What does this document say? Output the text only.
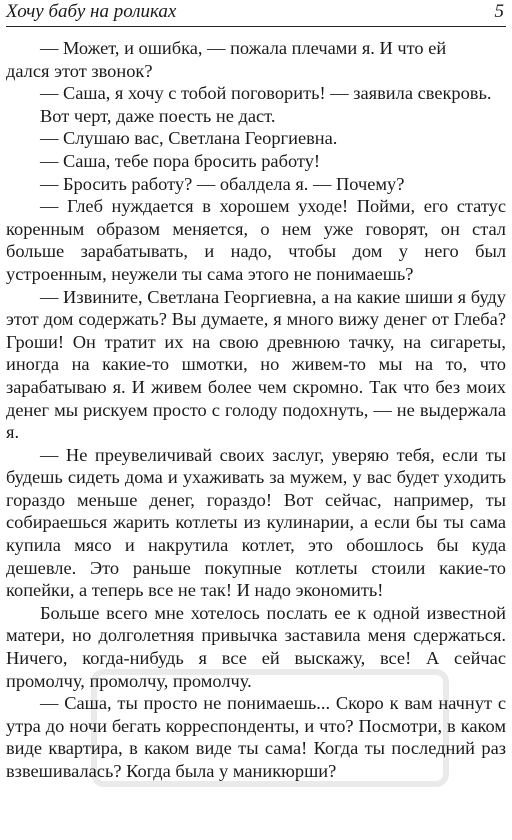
Хочу бабу на роликах	5

— Может, и ошибка, — пожала плечами я. И что ей

дался этот звонок?

— Саша, я хочу с тобой поговорить! — заявила свекровь.

Вот черт, даже поесть не даст.

— Слушаю вас, Светлана Георгиевна.

— Саша, тебе пора бросить работу!

— Бросить работу? — обалдела я. — Почему?

— Глеб нуждается в хорошем уходе! Пойми, его статус коренным образом меняется, о нем уже говорят, он стал больше зарабатывать, и надо, чтобы дом у него был устроенным, неужели ты сама этого не понимаешь?

— Извините, Светлана Георгиевна, а на какие шиши я буду этот дом содержать? Вы думаете, я много вижу денег от Глеба? Гроши! Он тратит их на свою древнюю тачку, на сигареты, иногда на какие-то шмотки, но живем-то мы на то, что зарабатываю я. И живем более чем скромно. Так что без моих денег мы рискуем просто с голоду подохнуть, — не выдержала я.

— Не преувеличивай своих заслуг, уверяю тебя, если ты будешь сидеть дома и ухаживать за мужем, у вас будет уходить гораздо меньше денег, гораздо! Вот сейчас, например, ты собираешься жарить котлеты из кулинарии, а если бы ты сама купила мясо и накрутила котлет, это обошлось бы куда дешевле. Это раньше покупные котлеты стоили какие-то копейки, а теперь все не так! И надо экономить!

Больше всего мне хотелось послать ее к одной известной матери, но долголетняя привычка заставила меня сдержаться. Ничего, когда-нибудь я все ей выскажу, все! А сейчас промолчу, промолчу, промолчу.

— Саша, ты просто не понимаешь... Скоро к вам начнут с утра до ночи бегать корреспонденты, и что? Посмотри, в каком виде квартира, в каком виде ты сама! Когда ты последний раз взвешивалась? Когда была у маникюрши?
